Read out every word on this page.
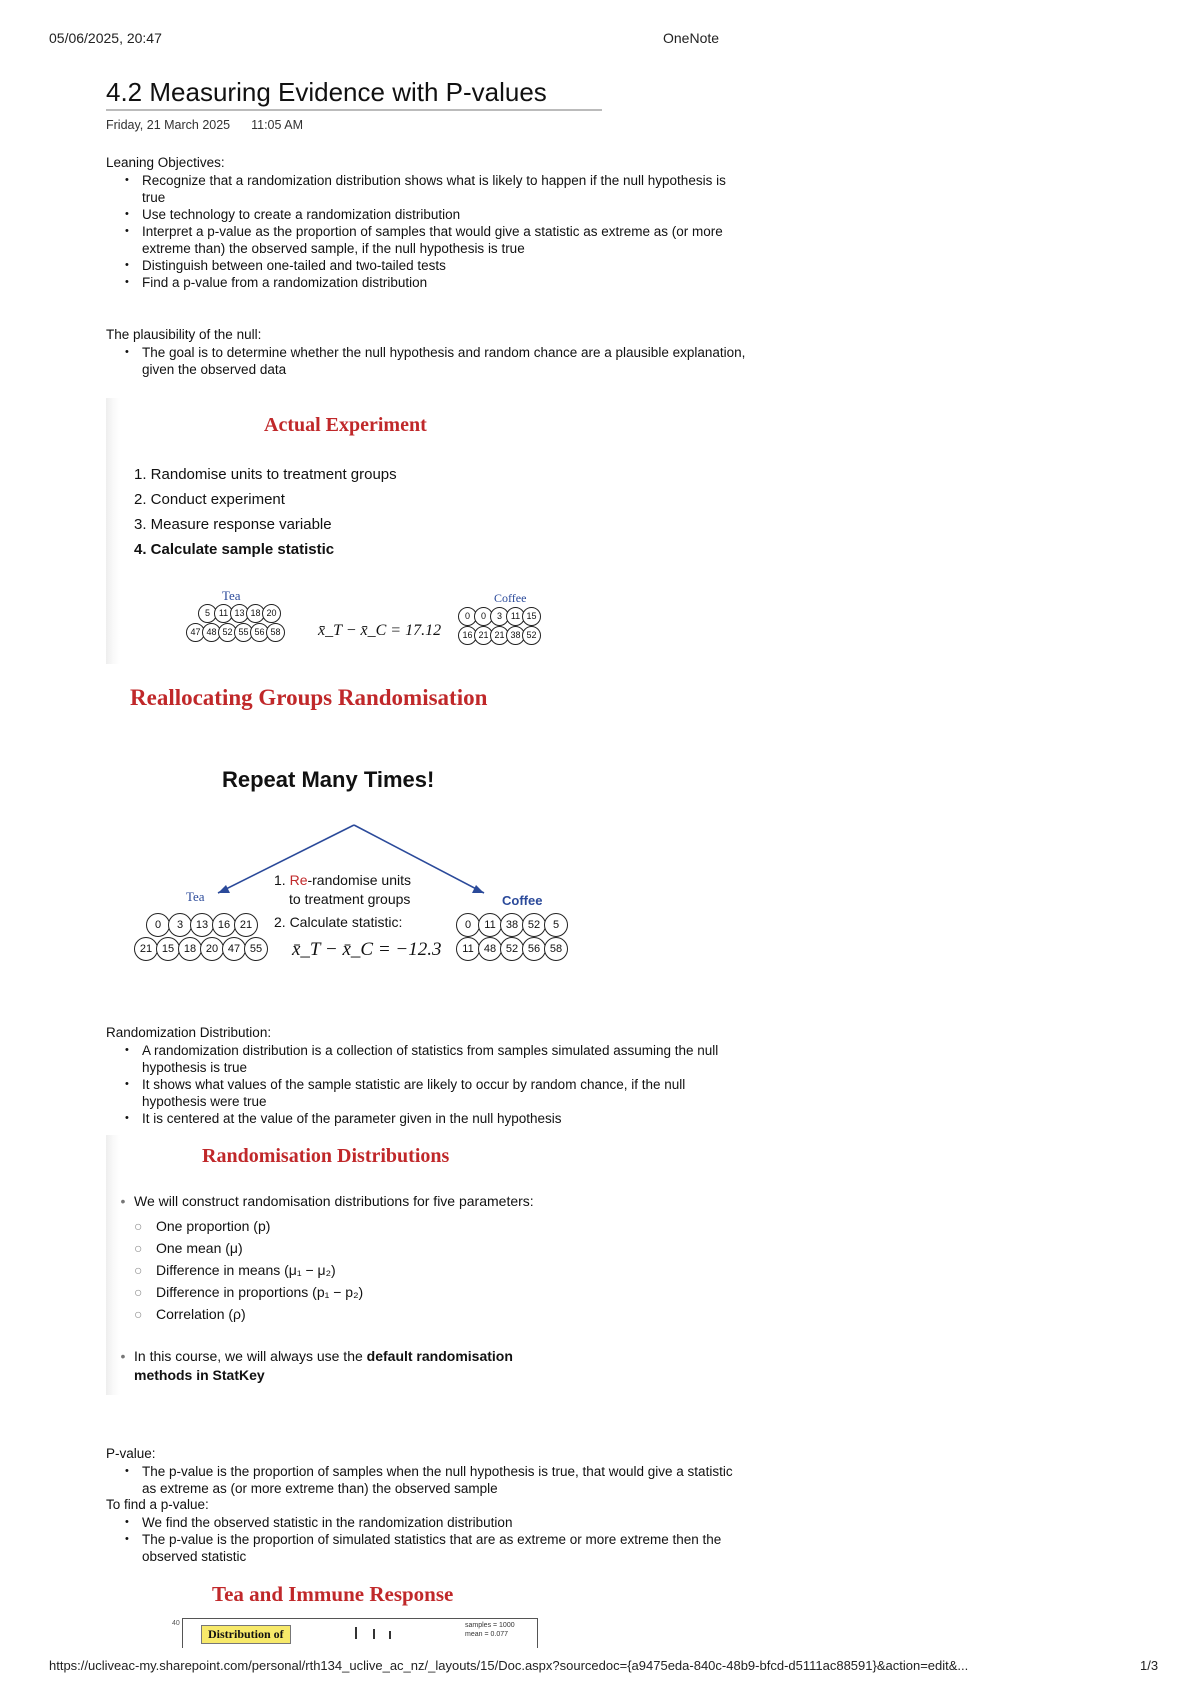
05/06/2025, 20:47	OneNote
4.2 Measuring Evidence with P-values
Friday, 21 March 2025 11:05 AM
Leaning Objectives:
• Recognize that a randomization distribution shows what is likely to happen if the null hypothesis is true
• Use technology to create a randomization distribution
• Interpret a p-value as the proportion of samples that would give a statistic as extreme as (or more extreme than) the observed sample, if the null hypothesis is true
• Distinguish between one-tailed and two-tailed tests
• Find a p-value from a randomization distribution
The plausibility of the null:
• The goal is to determine whether the null hypothesis and random chance are a plausible explanation, given the observed data
Actual Experiment
1. Randomise units to treatment groups
2. Conduct experiment
3. Measure response variable
4. Calculate sample statistic
Tea
5 11 13 18 20
47 48 52 55 56 58 x̄_T − x̄_C = 17.12
Coffee
0 0 3 11 15
16 21 21 38 52
Reallocating Groups Randomisation
Repeat Many Times!
Tea	Coffee
1. Re-randomise units
to treatment groups
2. Calculate statistic:
x̄_T − x̄_C = −12.3
0 3 13 16 21
21 15 18 20 47 55
0 11 38 52 5
11 48 52 56 58
Randomization Distribution:
• A randomization distribution is a collection of statistics from samples simulated assuming the null hypothesis is true
• It shows what values of the sample statistic are likely to occur by random chance, if the null hypothesis were true
• It is centered at the value of the parameter given in the null hypothesis
Randomisation Distributions
• We will construct randomisation distributions for five parameters:
○ One proportion (p)
○ One mean (μ)
○ Difference in means (μ₁ − μ₂)
○ Difference in proportions (p₁ − p₂)
○ Correlation (ρ)
• In this course, we will always use the default randomisation
methods in StatKey
P-value:
• The p-value is the proportion of samples when the null hypothesis is true, that would give a statistic as extreme as (or more extreme than) the observed sample
To find a p-value:
• We find the observed statistic in the randomization distribution
• The p-value is the proportion of simulated statistics that are as extreme or more extreme then the observed statistic
Tea and Immune Response
40
Distribution of
samples = 1000
mean = 0.077
https://ucliveac-my.sharepoint.com/personal/rth134_uclive_ac_nz/_layouts/15/Doc.aspx?sourcedoc={a9475eda-840c-48b9-bfcd-d5111ac88591}&action=edit&...	1/3
